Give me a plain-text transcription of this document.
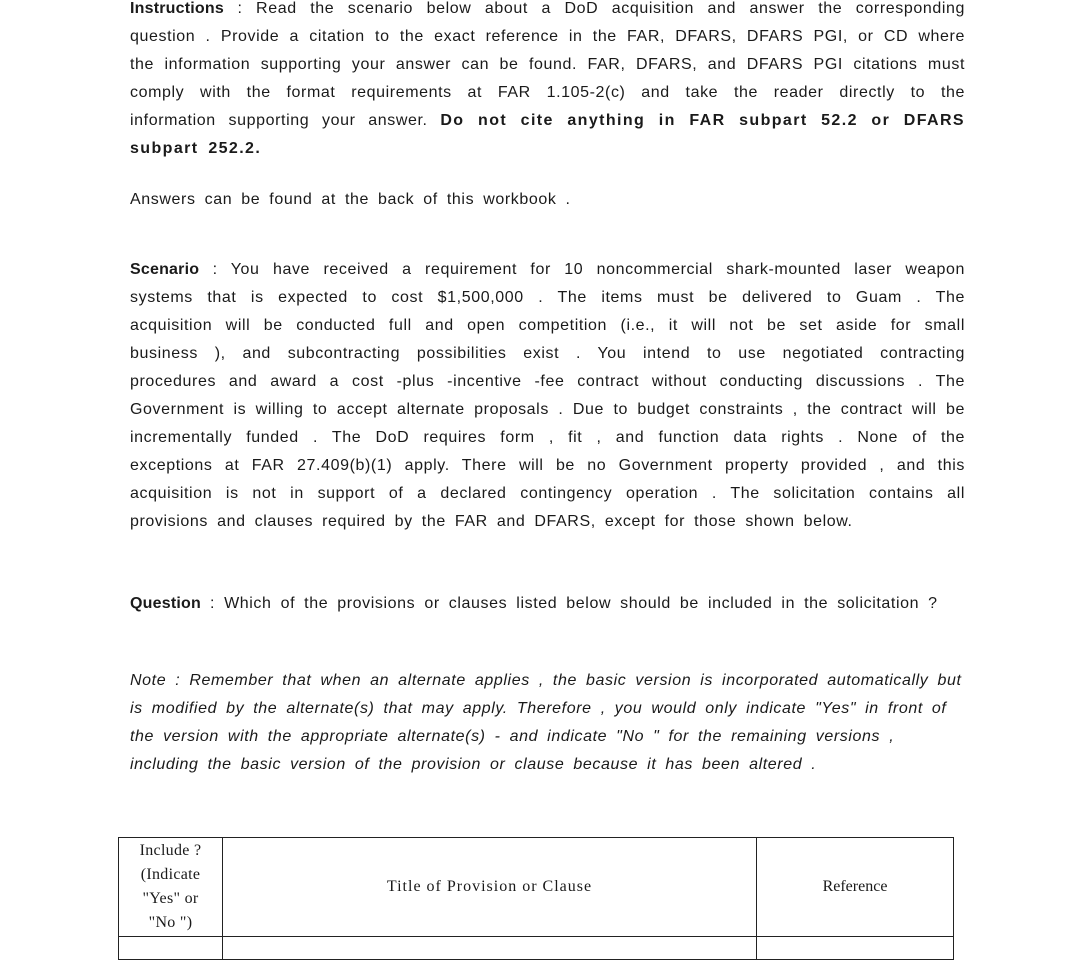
Instructions : Read the scenario below about a DoD acquisition and answer the corresponding question . Provide a citation to the exact reference in the FAR, DFARS, DFARS PGI, or CD where the information supporting your answer can be found. FAR, DFARS, and DFARS PGI citations must comply with the format requirements at FAR 1.105-2(c) and take the reader directly to the information supporting your answer. Do not cite anything in FAR subpart 52.2 or DFARS subpart 252.2.

Answers can be found at the back of this workbook .

Scenario : You have received a requirement for 10 noncommercial shark-mounted laser weapon systems that is expected to cost $1,500,000 . The items must be delivered to Guam . The acquisition will be conducted full and open competition (i.e., it will not be set aside for small business ), and subcontracting possibilities exist . You intend to use negotiated contracting procedures and award a cost -plus -incentive -fee contract without conducting discussions . The Government is willing to accept alternate proposals . Due to budget constraints , the contract will be incrementally funded . The DoD requires form , fit , and function data rights . None of the exceptions at FAR 27.409(b)(1) apply. There will be no Government property provided , and this acquisition is not in support of a declared contingency operation . The solicitation contains all provisions and clauses required by the FAR and DFARS, except for those shown below.

Question : Which of the provisions or clauses listed below should be included in the solicitation ?

Note : Remember that when an alternate applies , the basic version is incorporated automatically but is modified by the alternate(s) that may apply. Therefore , you would only indicate "Yes" in front of the version with the appropriate alternate(s) - and indicate "No " for the remaining versions , including the basic version of the provision or clause because it has been altered .

Include ?
(Indicate
"Yes" or
"No ")	Title of Provision or Clause	Reference
